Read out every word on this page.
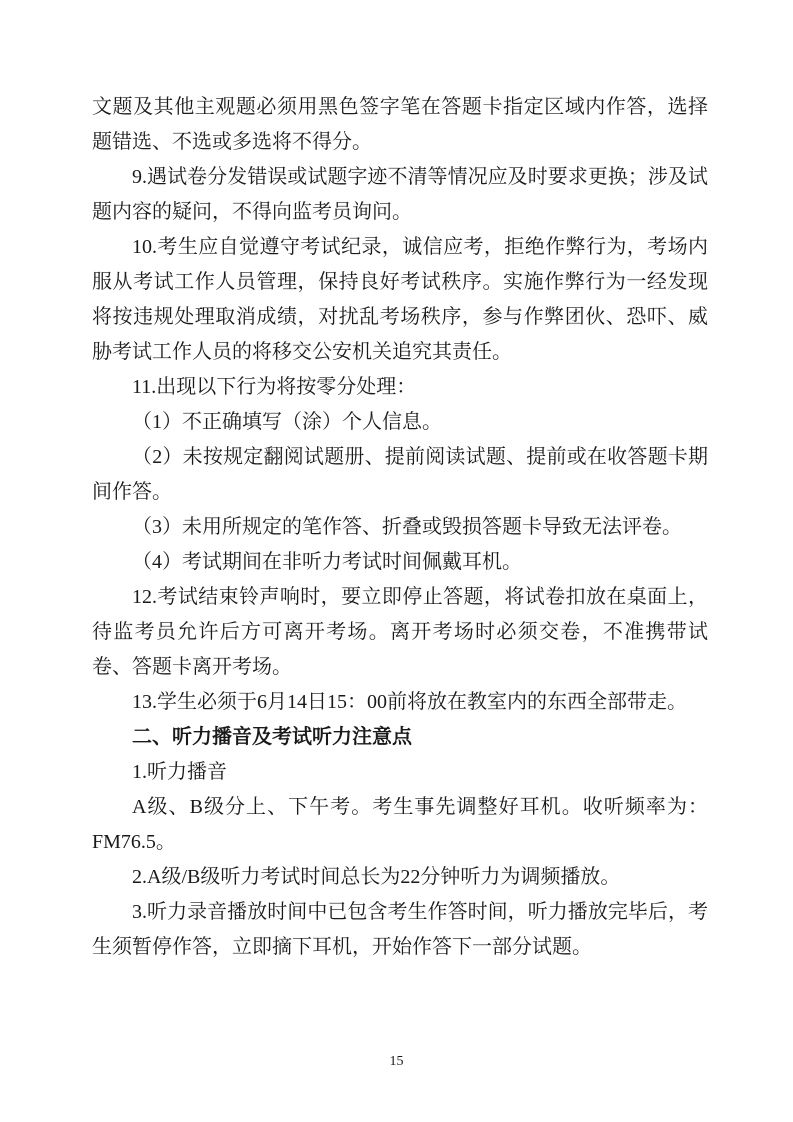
文题及其他主观题必须用黑色签字笔在答题卡指定区域内作答，选择题错选、不选或多选将不得分。

9.遇试卷分发错误或试题字迹不清等情况应及时要求更换；涉及试题内容的疑问，不得向监考员询问。

10.考生应自觉遵守考试纪录，诚信应考，拒绝作弊行为，考场内服从考试工作人员管理，保持良好考试秩序。实施作弊行为一经发现将按违规处理取消成绩，对扰乱考场秩序，参与作弊团伙、恐吓、威胁考试工作人员的将移交公安机关追究其责任。

11.出现以下行为将按零分处理：

（1）不正确填写（涂）个人信息。

（2）未按规定翻阅试题册、提前阅读试题、提前或在收答题卡期间作答。

（3）未用所规定的笔作答、折叠或毁损答题卡导致无法评卷。

（4）考试期间在非听力考试时间佩戴耳机。

12.考试结束铃声响时，要立即停止答题，将试卷扣放在桌面上，待监考员允许后方可离开考场。离开考场时必须交卷，不准携带试卷、答题卡离开考场。

13.学生必须于6月14日15：00前将放在教室内的东西全部带走。

二、听力播音及考试听力注意点

1.听力播音

A级、B级分上、下午考。考生事先调整好耳机。收听频率为：FM76.5。

2.A级/B级听力考试时间总长为22分钟听力为调频播放。

3.听力录音播放时间中已包含考生作答时间，听力播放完毕后，考生须暂停作答，立即摘下耳机，开始作答下一部分试题。

15
